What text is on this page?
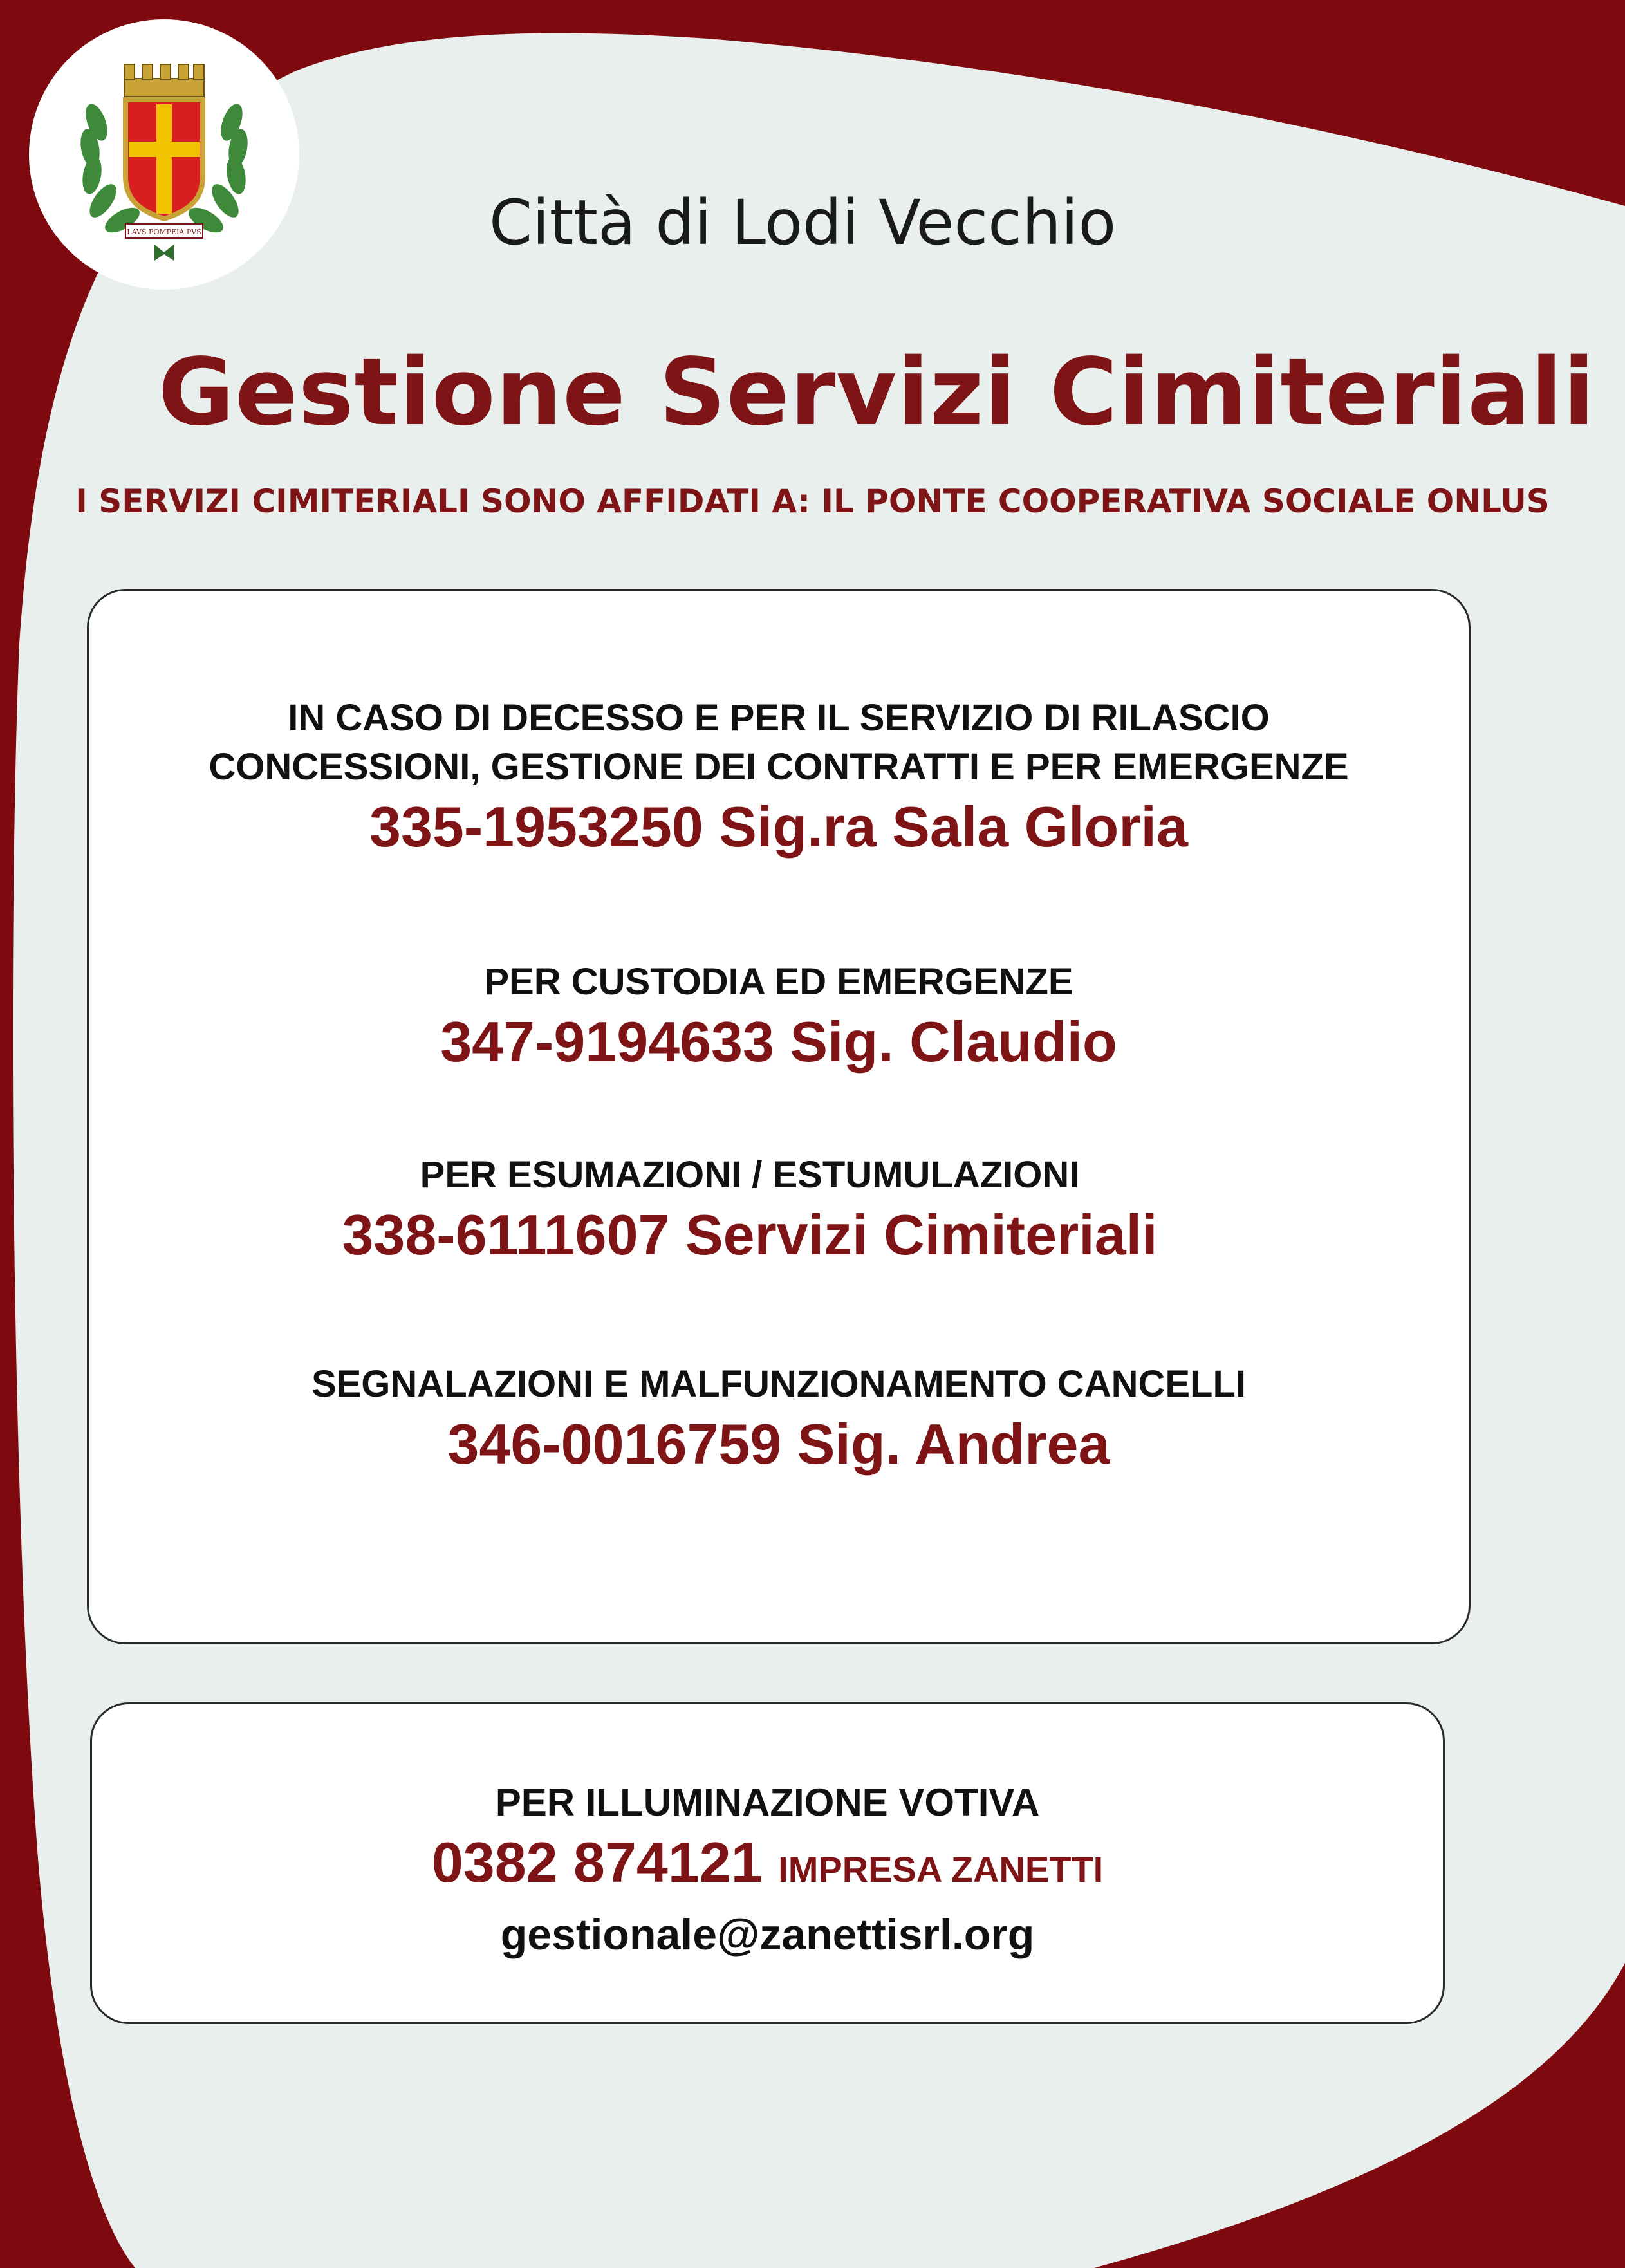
LAVS POMPEIA PVS	Città di Lodi Vecchio
Gestione Servizi Cimiteriali
I SERVIZI CIMITERIALI SONO AFFIDATI A: IL PONTE COOPERATIVA SOCIALE ONLUS
IN CASO DI DECESSO E PER IL SERVIZIO DI RILASCIO
CONCESSIONI, GESTIONE DEI CONTRATTI E PER EMERGENZE
335-1953250 Sig.ra Sala Gloria
PER CUSTODIA ED EMERGENZE
347-9194633 Sig. Claudio
PER ESUMAZIONI / ESTUMULAZIONI
338-6111607 Servizi Cimiteriali
SEGNALAZIONI E MALFUNZIONAMENTO CANCELLI
346-0016759 Sig. Andrea
PER ILLUMINAZIONE VOTIVA
0382 874121 IMPRESA ZANETTI
gestionale@zanettisrl.org
